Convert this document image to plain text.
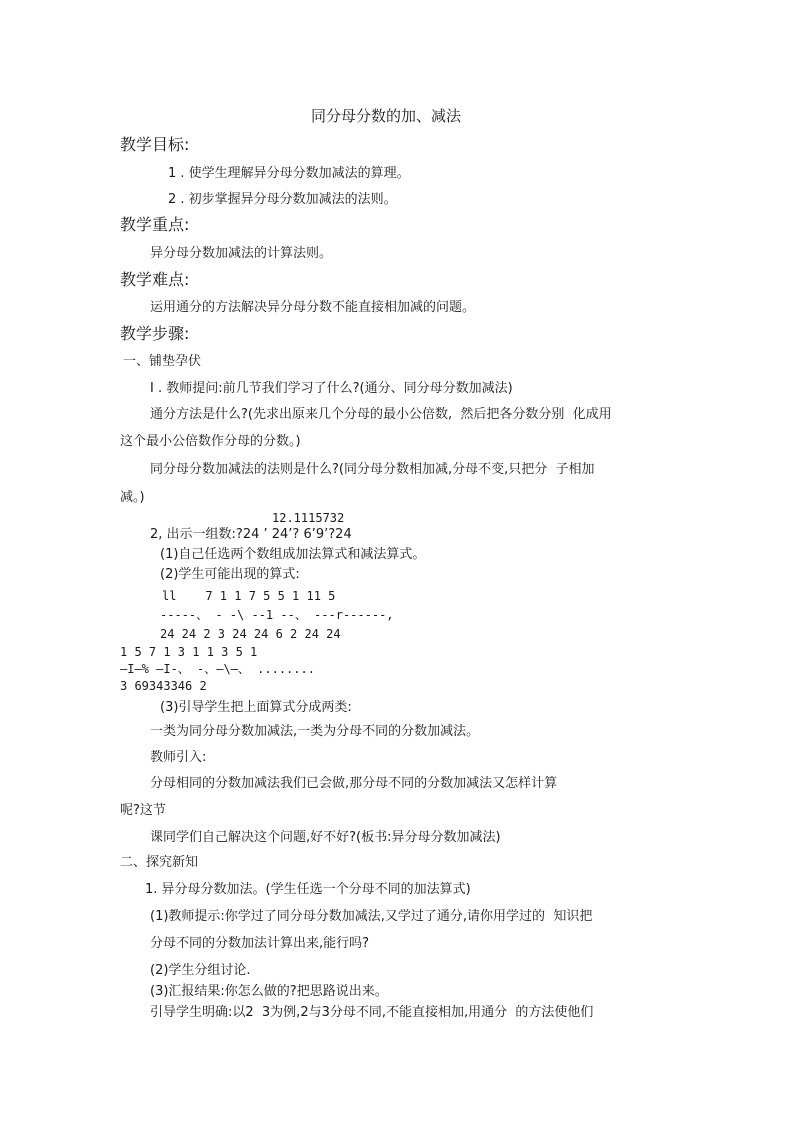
同分母分数的加、减法
教学目标:
1 . 使学生理解异分母分数加减法的算理。
2 . 初步掌握异分母分数加减法的法则。
教学重点:
异分母分数加减法的计算法则。
教学难点:
运用通分的方法解决异分母分数不能直接相加减的问题。
教学步骤:
一、铺垫孕伏
I . 教师提问:前几节我们学习了什么?(通分、同分母分数加减法)
通分方法是什么?(先求出原来几个分母的最小公倍数,  然后把各分数分别  化成用
这个最小公倍数作分母的分数。)
同分母分数加减法的法则是什么?(同分母分数相加减,分母不变,只把分  子相加
减。)
12.1115732
2, 出示一组数:?24 ’ 24’? 6’9’?24
(1)自己任选两个数组成加法算式和减法算式。
(2)学生可能出现的算式:
ll    7 1 1 7 5 5 1 11 5
-----、 - -\ --1 --、 ---r------,
24 24 2 3 24 24 6 2 24 24
1 5 7 1 3 1 1 3 5 1
—I—% —I-、 -、—\—、 ........
3 69343346 2
(3)引导学生把上面算式分成两类:
一类为同分母分数加减法,一类为分母不同的分数加减法。
教师引入:
分母相同的分数加减法我们已会做,那分母不同的分数加减法又怎样计算
呢?这节
课同学们自己解决这个问题,好不好?(板书:异分母分数加减法)
二、探究新知
1. 异分母分数加法。(学生任选一个分母不同的加法算式)
(1)教师提示:你学过了同分母分数加减法,又学过了通分,请你用学过的  知识把
分母不同的分数加法计算出来,能行吗?
(2)学生分组讨论.
(3)汇报结果:你怎么做的?把思路说出来。
引导学生明确:以2  3为例,2与3分母不同,不能直接相加,用通分  的方法使他们
